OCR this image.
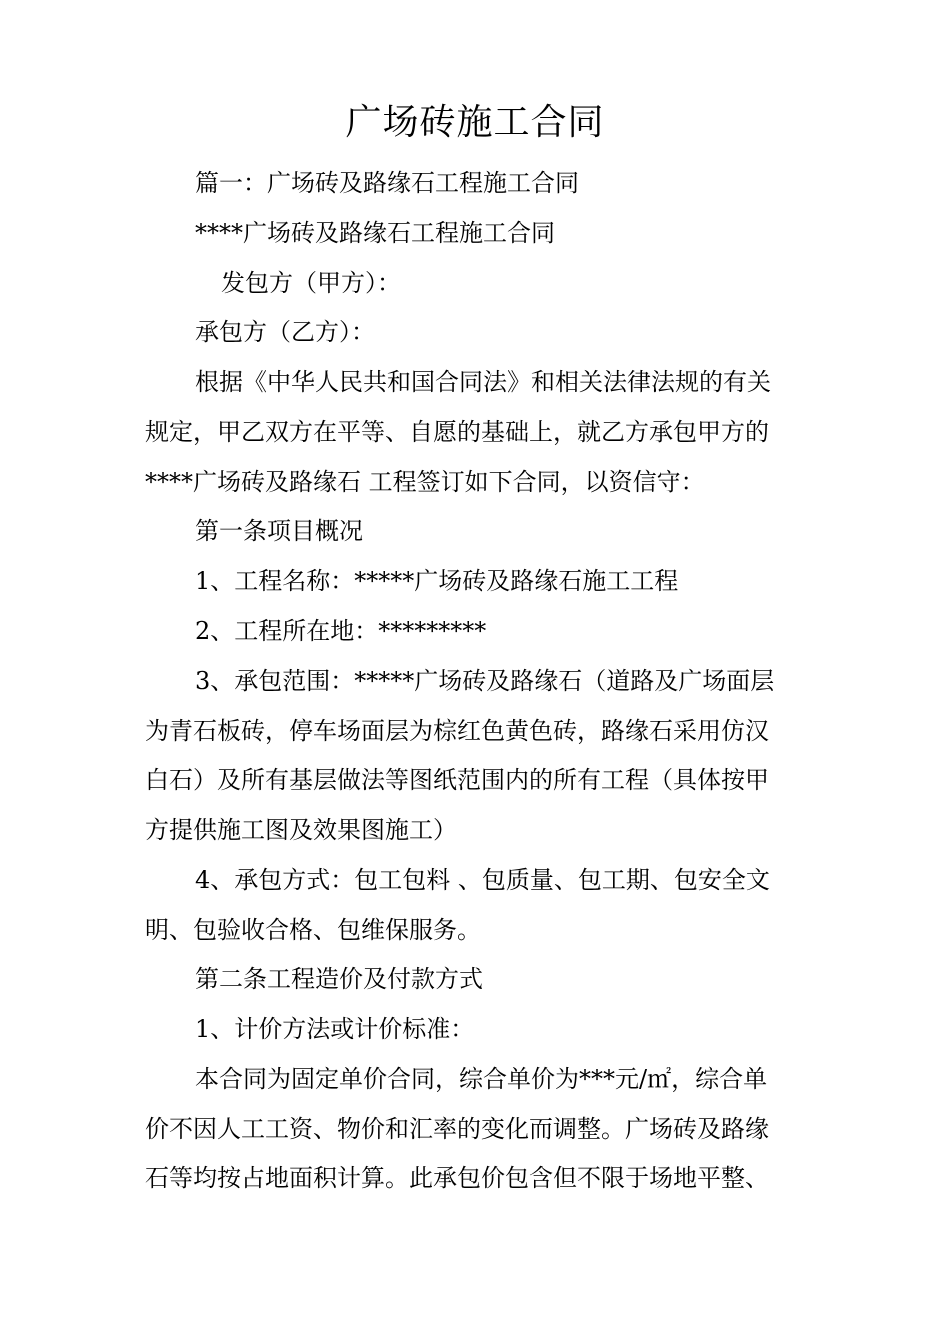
广场砖施工合同
篇一：广场砖及路缘石工程施工合同
****广场砖及路缘石工程施工合同
发包方（甲方）：
承包方（乙方）：
根据《中华人民共和国合同法》和相关法律法规的有关
规定，甲乙双方在平等、自愿的基础上，就乙方承包甲方的
****广场砖及路缘石 工程签订如下合同，以资信守：
第一条项目概况
1、工程名称：*****广场砖及路缘石施工工程
2、工程所在地：*********
3、承包范围：*****广场砖及路缘石（道路及广场面层
为青石板砖，停车场面层为棕红色黄色砖，路缘石采用仿汉
白石）及所有基层做法等图纸范围内的所有工程（具体按甲
方提供施工图及效果图施工）
4、承包方式：包工包料 、包质量、包工期、包安全文
明、包验收合格、包维保服务。
第二条工程造价及付款方式
1、计价方法或计价标准：
本合同为固定单价合同，综合单价为***元/㎡，综合单
价不因人工工资、物价和汇率的变化而调整。广场砖及路缘
石等均按占地面积计算。此承包价包含但不限于场地平整、
